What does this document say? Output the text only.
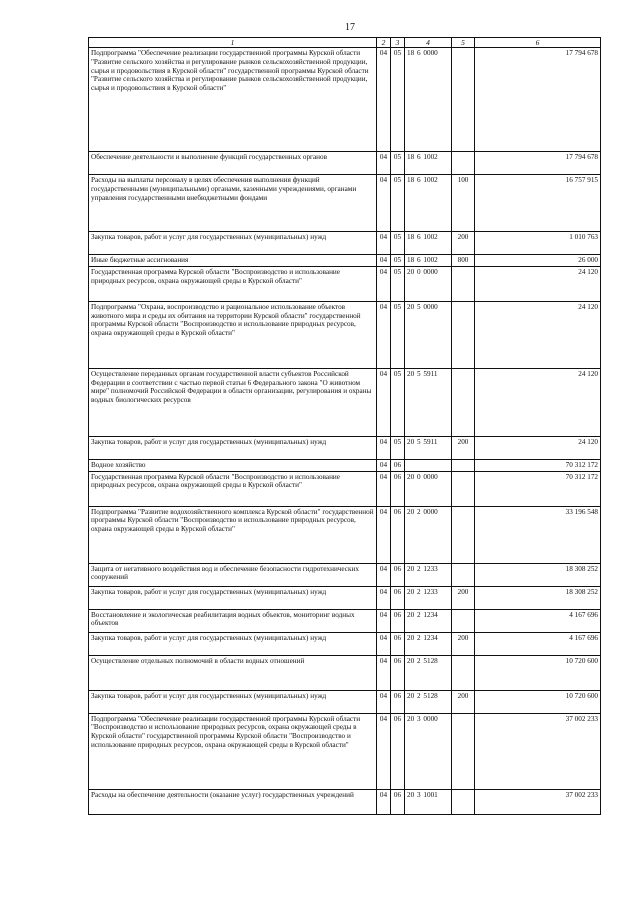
17
1	2	3	4	5	6
Подпрограмма "Обеспечение реализации государственной программы Курской области "Развитие сельского хозяйства и регулирование рынков сельскохозяйственной продукции, сырья и продовольствия в Курской области" государственной программы Курской области "Развитие сельского хозяйства и регулирование рынков сельскохозяйственной продукции, сырья и продовольствия в Курской области"	04	05	18 6 0000		17 794 678
Обеспечение деятельности и выполнение функций государственных органов	04	05	18 6 1002		17 794 678
Расходы на выплаты персоналу в целях обеспечения выполнения функций государственными (муниципальными) органами, казенными учреждениями, органами управления государственными внебюджетными фондами	04	05	18 6 1002	100	16 757 915
Закупка товаров, работ и услуг для государственных (муниципальных) нужд	04	05	18 6 1002	200	1 010 763
Иные бюджетные ассигнования	04	05	18 6 1002	800	26 000
Государственная программа Курской области "Воспроизводство и использование природных ресурсов, охрана окружающей среды в Курской области"	04	05	20 0 0000		24 120
Подпрограмма "Охрана, воспроизводство и рациональное использование объектов животного мира и среды их обитания на территории Курской области" государственной программы Курской области "Воспроизводство и использование природных ресурсов, охрана окружающей среды в Курской области"	04	05	20 5 0000		24 120
Осуществление переданных органам государственной власти субъектов Российской Федерации в соответствии с частью первой статьи 6 Федерального закона "О животном мире" полномочий Российской Федерации в области организации, регулирования и охраны водных биологических ресурсов	04	05	20 5 5911		24 120
Закупка товаров, работ и услуг для государственных (муниципальных) нужд	04	05	20 5 5911	200	24 120
Водное хозяйство	04	06			70 312 172
Государственная программа Курской области "Воспроизводство и использование природных ресурсов, охрана окружающей среды в Курской области"	04	06	20 0 0000		70 312 172
Подпрограмма "Развитие водохозяйственного комплекса Курской области" государственной программы Курской области "Воспроизводство и использование природных ресурсов, охрана окружающей среды в Курской области"	04	06	20 2 0000		33 196 548
Защита от негативного воздействия вод и обеспечение безопасности гидротехнических сооружений	04	06	20 2 1233		18 308 252
Закупка товаров, работ и услуг для государственных (муниципальных) нужд	04	06	20 2 1233	200	18 308 252
Восстановление и экологическая реабилитация водных объектов, мониторинг водных объектов	04	06	20 2 1234		4 167 696
Закупка товаров, работ и услуг для государственных (муниципальных) нужд	04	06	20 2 1234	200	4 167 696
Осуществление отдельных полномочий в области водных отношений	04	06	20 2 5128		10 720 600
Закупка товаров, работ и услуг для государственных (муниципальных) нужд	04	06	20 2 5128	200	10 720 600
Подпрограмма "Обеспечение реализации государственной программы Курской области "Воспроизводство и использование природных ресурсов, охрана окружающей среды в Курской области" государственной программы Курской области "Воспроизводство и использование природных ресурсов, охрана окружающей среды в Курской области"	04	06	20 3 0000		37 002 233
Расходы на обеспечение деятельности (оказание услуг) государственных учреждений	04	06	20 3 1001		37 002 233
